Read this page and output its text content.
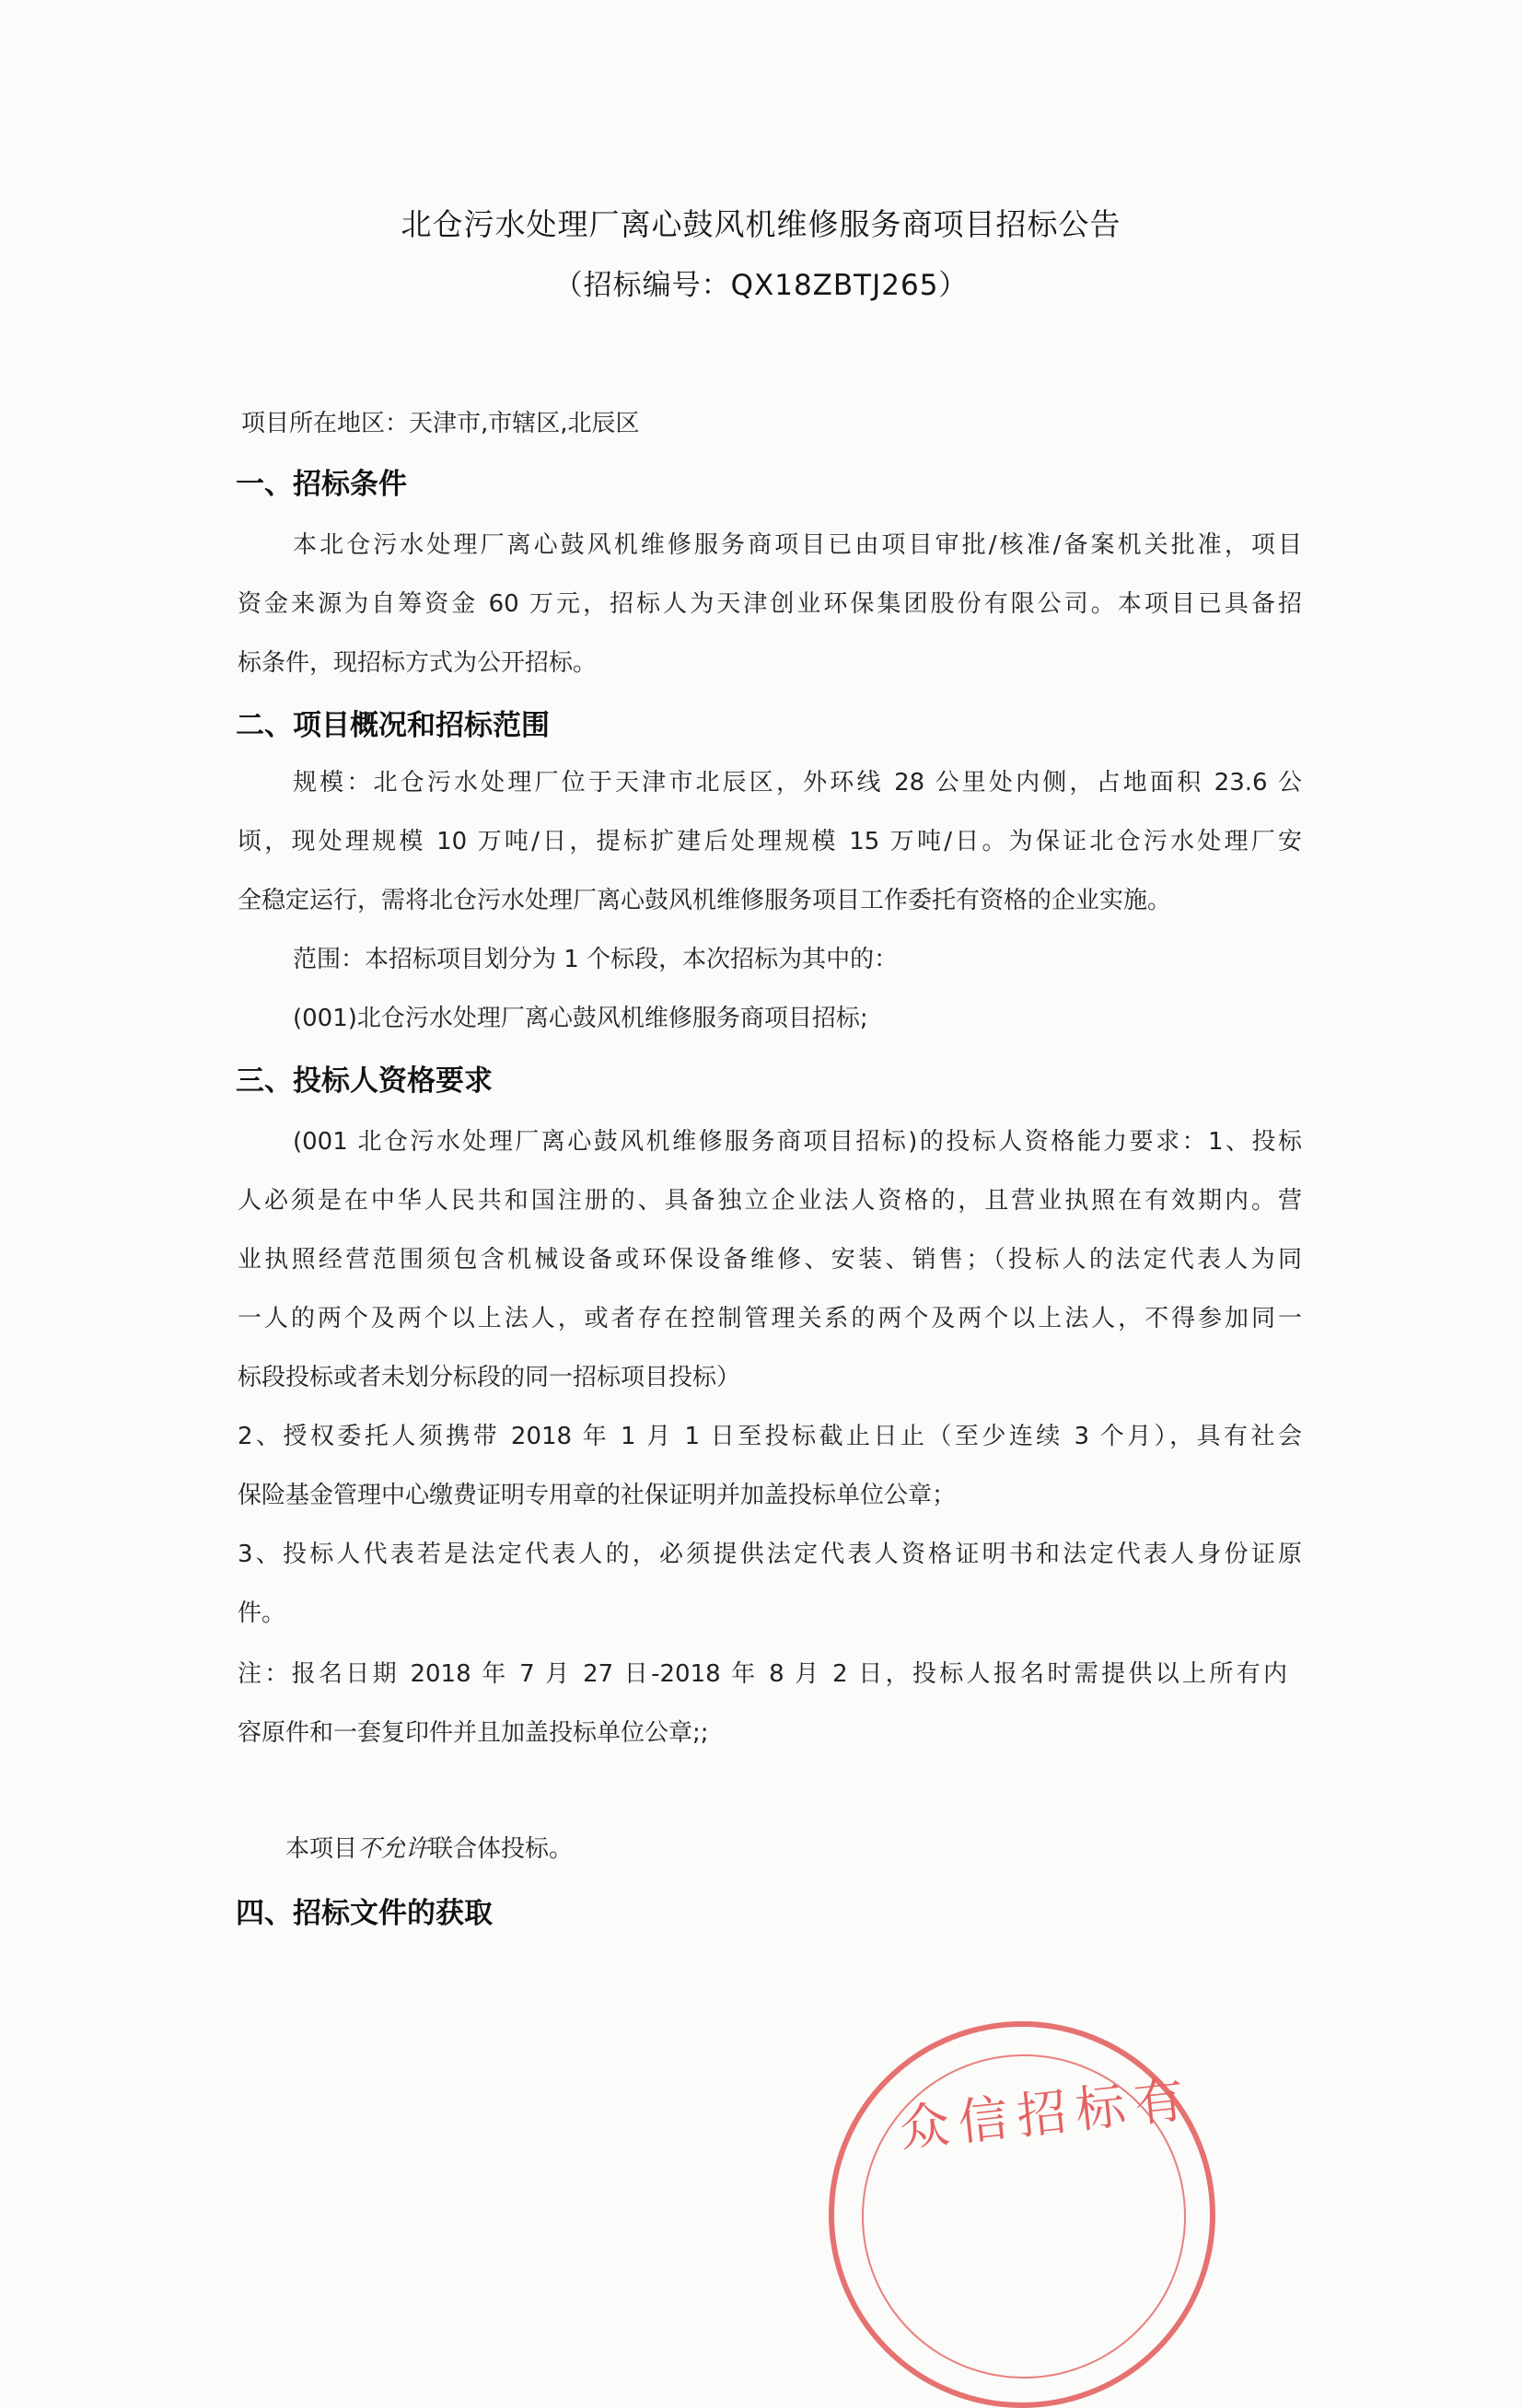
北仓污水处理厂离心鼓风机维修服务商项目招标公告
（招标编号：QX18ZBTJ265）
项目所在地区：天津市,市辖区,北辰区
一、招标条件
本北仓污水处理厂离心鼓风机维修服务商项目已由项目审批/核准/备案机关批准，项目
资金来源为自筹资金 60 万元，招标人为天津创业环保集团股份有限公司。本项目已具备招
标条件，现招标方式为公开招标。
二、项目概况和招标范围
规模：北仓污水处理厂位于天津市北辰区，外环线 28 公里处内侧，占地面积 23.6 公
顷，现处理规模 10 万吨/日，提标扩建后处理规模 15 万吨/日。为保证北仓污水处理厂安
全稳定运行，需将北仓污水处理厂离心鼓风机维修服务项目工作委托有资格的企业实施。
范围：本招标项目划分为 1 个标段，本次招标为其中的：
(001)北仓污水处理厂离心鼓风机维修服务商项目招标;
三、投标人资格要求
(001 北仓污水处理厂离心鼓风机维修服务商项目招标)的投标人资格能力要求：1、投标
人必须是在中华人民共和国注册的、具备独立企业法人资格的，且营业执照在有效期内。营
业执照经营范围须包含机械设备或环保设备维修、安装、销售；（投标人的法定代表人为同
一人的两个及两个以上法人，或者存在控制管理关系的两个及两个以上法人，不得参加同一
标段投标或者未划分标段的同一招标项目投标）
2、授权委托人须携带 2018 年 1 月 1 日至投标截止日止（至少连续 3 个月），具有社会
保险基金管理中心缴费证明专用章的社保证明并加盖投标单位公章；
3、投标人代表若是法定代表人的，必须提供法定代表人资格证明书和法定代表人身份证原
件。
注：报名日期 2018 年 7 月 27 日-2018 年 8 月 2 日，投标人报名时需提供以上所有内
容原件和一套复印件并且加盖投标单位公章;;
本项目不允许联合体投标。
四、招标文件的获取
众信招标有
